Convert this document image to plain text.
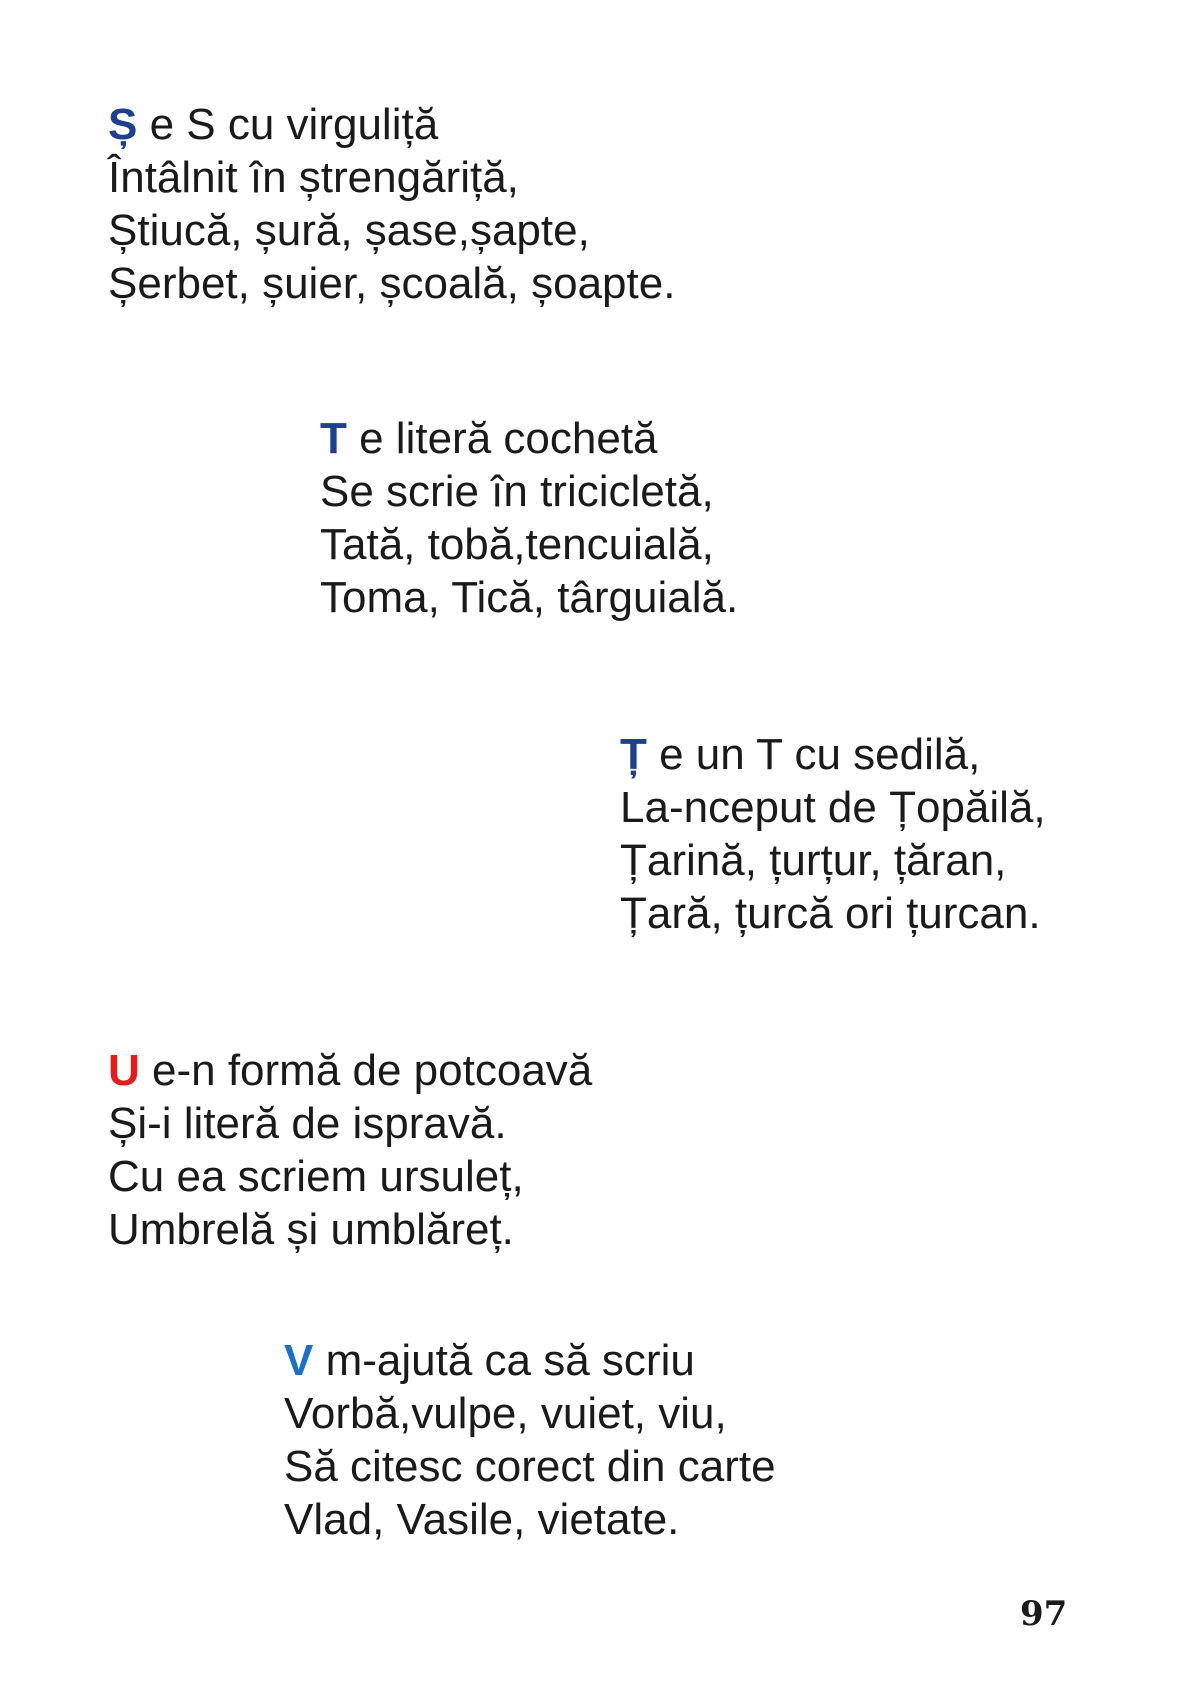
Ș e S cu virguliță
Întâlnit în ștrengăriță,
Știucă, șură, șase,șapte,
Șerbet, șuier, școală, șoapte.
T e literă cochetă
Se scrie în tricicletă,
Tată, tobă,tencuială,
Toma, Tică, târguială.
Ț e un T cu sedilă,
La-nceput de Țopăilă,
Țarină, țurțur, țăran,
Țară, țurcă ori țurcan.
U e-n formă de potcoavă
Și-i literă de ispravă.
Cu ea scriem ursuleț,
Umbrelă și umblăreț.
V m-ajută ca să scriu
Vorbă,vulpe, vuiet, viu,
Să citesc corect din carte
Vlad, Vasile, vietate.
97
